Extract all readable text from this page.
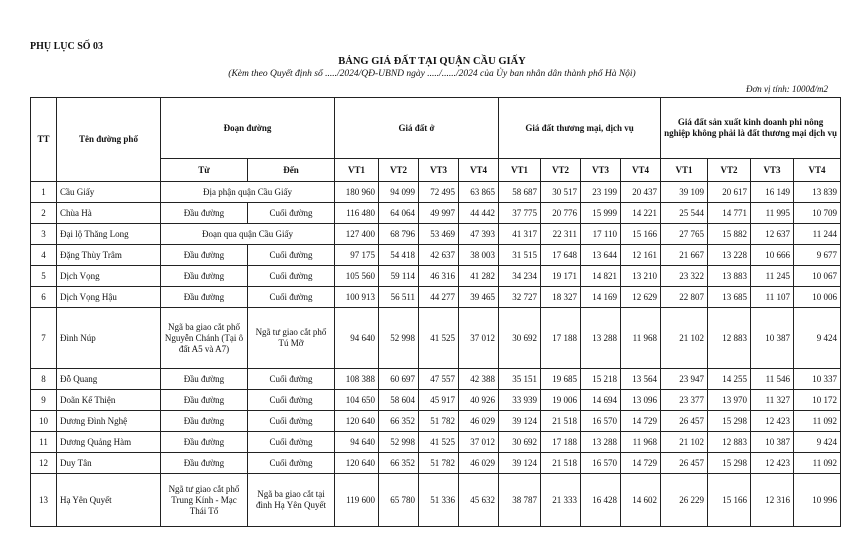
PHỤ LỤC SỐ 03
BẢNG GIÁ ĐẤT TẠI QUẬN CẦU GIẤY
(Kèm theo Quyết định số ...../2024/QĐ-UBND ngày ...../....../2024 của Ủy ban nhân dân thành phố Hà Nội)
Đơn vị tính: 1000đ/m2
TT	Tên đường phố	Đoạn đường		Giá đất ở				Giá đất thương mại, dịch vụ				Giá đất sản xuất kinh doanh phi nông nghiệp không phải là đất thương mại dịch vụ			
		Từ	Đến	VT1	VT2	VT3	VT4	VT1	VT2	VT3	VT4	VT1	VT2	VT3	VT4
1	Cầu Giấy	Địa phận quận Cầu Giấy		180 960	94 099	72 495	63 865	58 687	30 517	23 199	20 437	39 109	20 617	16 149	13 839
2	Chùa Hà	Đầu đường	Cuối đường	116 480	64 064	49 997	44 442	37 775	20 776	15 999	14 221	25 544	14 771	11 995	10 709
3	Đại lộ Thăng Long	Đoạn qua quận Cầu Giấy		127 400	68 796	53 469	47 393	41 317	22 311	17 110	15 166	27 765	15 882	12 637	11 244
4	Đặng Thùy Trâm	Đầu đường	Cuối đường	97 175	54 418	42 637	38 003	31 515	17 648	13 644	12 161	21 667	13 228	10 666	9 677
5	Dịch Vọng	Đầu đường	Cuối đường	105 560	59 114	46 316	41 282	34 234	19 171	14 821	13 210	23 322	13 883	11 245	10 067
6	Dịch Vọng Hậu	Đầu đường	Cuối đường	100 913	56 511	44 277	39 465	32 727	18 327	14 169	12 629	22 807	13 685	11 107	10 006
7	Đình Núp	Ngã ba giao cắt phố Nguyễn Chánh (Tại ô đất A5 và A7)	Ngã tư giao cắt phố Tú Mỡ	94 640	52 998	41 525	37 012	30 692	17 188	13 288	11 968	21 102	12 883	10 387	9 424
8	Đỗ Quang	Đầu đường	Cuối đường	108 388	60 697	47 557	42 388	35 151	19 685	15 218	13 564	23 947	14 255	11 546	10 337
9	Doãn Kế Thiện	Đầu đường	Cuối đường	104 650	58 604	45 917	40 926	33 939	19 006	14 694	13 096	23 377	13 970	11 327	10 172
10	Dương Đình Nghệ	Đầu đường	Cuối đường	120 640	66 352	51 782	46 029	39 124	21 518	16 570	14 729	26 457	15 298	12 423	11 092
11	Dương Quảng Hàm	Đầu đường	Cuối đường	94 640	52 998	41 525	37 012	30 692	17 188	13 288	11 968	21 102	12 883	10 387	9 424
12	Duy Tân	Đầu đường	Cuối đường	120 640	66 352	51 782	46 029	39 124	21 518	16 570	14 729	26 457	15 298	12 423	11 092
13	Hạ Yên Quyết	Ngã tư giao cắt phố Trung Kính - Mạc Thái Tổ	Ngã ba giao cắt tại đình Hạ Yên Quyết	119 600	65 780	51 336	45 632	38 787	21 333	16 428	14 602	26 229	15 166	12 316	10 996
